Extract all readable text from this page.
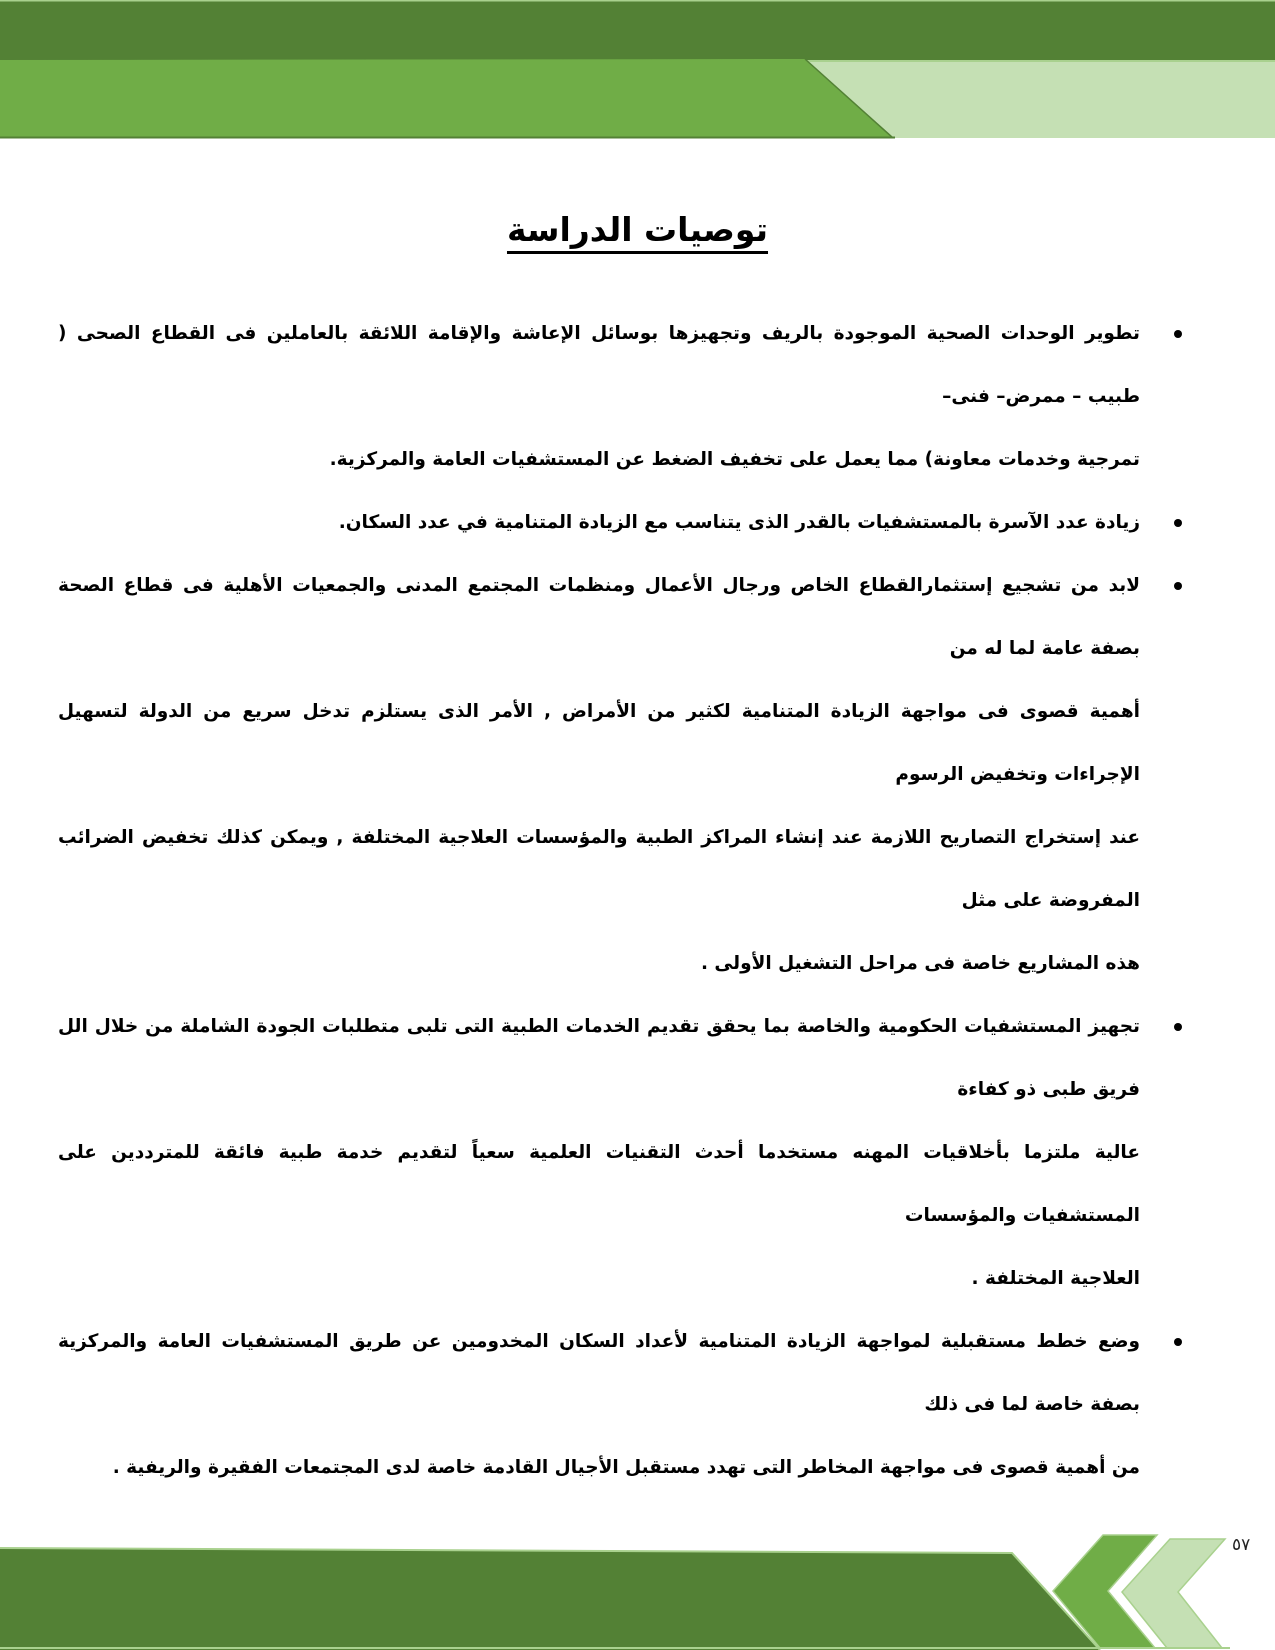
توصيات الدراسة
تطوير الوحدات الصحية الموجودة بالريف وتجهيزها بوسائل الإعاشة والإقامة اللائقة بالعاملين فى القطاع الصحى ( طبيب – ممرض– فنى–
تمرجية وخدمات معاونة) مما يعمل على تخفيف الضغط عن المستشفيات العامة والمركزية.
زيادة عدد الآسرة بالمستشفيات بالقدر الذى يتناسب مع الزيادة المتنامية في عدد السكان.
لابد من تشجيع إستثمارالقطاع الخاص ورجال الأعمال ومنظمات المجتمع المدنى والجمعيات الأهلية فى قطاع الصحة بصفة عامة لما له من
أهمية قصوى فى مواجهة الزيادة المتنامية لكثير من الأمراض , الأمر الذى يستلزم تدخل سريع من الدولة لتسهيل الإجراءات وتخفيض الرسوم
عند إستخراج التصاريح اللازمة عند إنشاء المراكز الطبية والمؤسسات العلاجية المختلفة , ويمكن كذلك تخفيض الضرائب المفروضة على مثل
هذه المشاريع خاصة فى مراحل التشغيل الأولى .
تجهيز المستشفيات الحكومية والخاصة بما يحقق تقديم الخدمات الطبية التى تلبى متطلبات الجودة الشاملة من خلال الل فريق طبى ذو كفاءة
عالية ملتزما بأخلاقيات المهنه مستخدما أحدث التقنيات العلمية سعياً لتقديم خدمة طبية فائقة للمترددين على المستشفيات والمؤسسات
العلاجية المختلفة .
وضع خطط مستقبلية لمواجهة الزيادة المتنامية لأعداد السكان المخدومين عن طريق المستشفيات العامة والمركزية بصفة خاصة لما فى ذلك
من أهمية قصوى فى مواجهة المخاطر التى تهدد مستقبل الأجيال القادمة خاصة لدى المجتمعات الفقيرة والريفية .
٥٧
